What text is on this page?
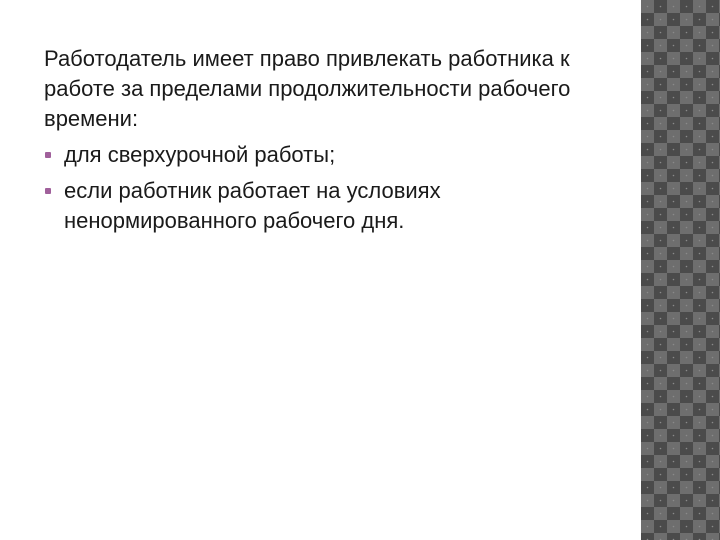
Работодатель имеет право привлекать работника к работе за пределами продолжительности рабочего времени:

для сверхурочной работы;
если работник работает на условиях ненормированного рабочего дня.
